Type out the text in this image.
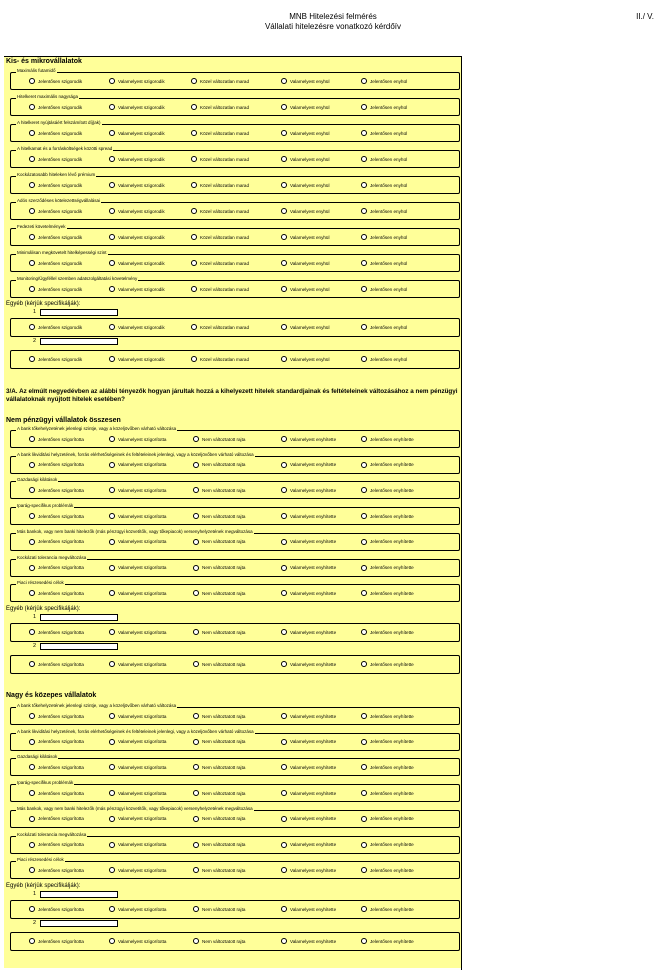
MNB Hitelezési felmérés
Vállalati hitelezésre vonatkozó kérdőív
II./ V.
Kis- és mikrovállalatok
Maximális futamidő
Jelentősen szigorodik	Valamelyest szigorodik	Közel változatlan marad	Valamelyest enyhül	Jelentősen enyhül
Hitelkeret maximális nagysága
Jelentősen szigorodik	Valamelyest szigorodik	Közel változatlan marad	Valamelyest enyhül	Jelentősen enyhül
A hitelkeret nyújtásáért felszámított díj(ak)
Jelentősen szigorodik	Valamelyest szigorodik	Közel változatlan marad	Valamelyest enyhül	Jelentősen enyhül
A hitelkamat és a forrásköltségek közötti spread
Jelentősen szigorodik	Valamelyest szigorodik	Közel változatlan marad	Valamelyest enyhül	Jelentősen enyhül
Kockázatosabb hiteleken lévő prémium
Jelentősen szigorodik	Valamelyest szigorodik	Közel változatlan marad	Valamelyest enyhül	Jelentősen enyhül
Adós szerződéses kötelezettségvállalásai
Jelentősen szigorodik	Valamelyest szigorodik	Közel változatlan marad	Valamelyest enyhül	Jelentősen enyhül
Fedezeti követelmények
Jelentősen szigorodik	Valamelyest szigorodik	Közel változatlan marad	Valamelyest enyhül	Jelentősen enyhül
Minimálisan megkövetelt hitelképességi szint
Jelentősen szigorodik	Valamelyest szigorodik	Közel változatlan marad	Valamelyest enyhül	Jelentősen enyhül
Monitoring/Ügyféllel szemben adatszolgáltatási követelmény
Jelentősen szigorodik	Valamelyest szigorodik	Közel változatlan marad	Valamelyest enyhül	Jelentősen enyhül
Egyéb (kérjük specifikálják):
1
Jelentősen szigorodik	Valamelyest szigorodik	Közel változatlan marad	Valamelyest enyhül	Jelentősen enyhül
2
Jelentősen szigorodik	Valamelyest szigorodik	Közel változatlan marad	Valamelyest enyhül	Jelentősen enyhül
3/A. Az elmúlt negyedévben az alábbi tényezők hogyan járultak hozzá a kihelyezett hitelek standardjainak és feltételeinek változásához a nem pénzügyi vállalatoknak nyújtott hitelek esetében?
Nem pénzügyi vállalatok összesen
A bank tőkehelyzetének jelenlegi szintje, vagy a közeljövőben várható változása
Jelentősen szigorította	Valamelyest szigorította	Nem változtatott rajta	Valamelyest enyhítette	Jelentősen enyhítette
A bank likviditási helyzetének, forrás elérhetőségeinek és feltételeinek jelenlegi, vagy a közeljövőben várható változása
Jelentősen szigorította	Valamelyest szigorította	Nem változtatott rajta	Valamelyest enyhítette	Jelentősen enyhítette
Gazdasági kilátások
Jelentősen szigorította	Valamelyest szigorította	Nem változtatott rajta	Valamelyest enyhítette	Jelentősen enyhítette
Iparág-specifikus problémák
Jelentősen szigorította	Valamelyest szigorította	Nem változtatott rajta	Valamelyest enyhítette	Jelentősen enyhítette
Más bankok, vagy nem banki hitelezők (más pénzügyi közvetítők, vagy tőkepiacok) versenyhelyzetének megváltozása
Jelentősen szigorította	Valamelyest szigorította	Nem változtatott rajta	Valamelyest enyhítette	Jelentősen enyhítette
Kockázati tolerancia megváltozása
Jelentősen szigorította	Valamelyest szigorította	Nem változtatott rajta	Valamelyest enyhítette	Jelentősen enyhítette
Piaci részesedési célok
Jelentősen szigorította	Valamelyest szigorította	Nem változtatott rajta	Valamelyest enyhítette	Jelentősen enyhítette
Egyéb (kérjük specifikálják):
1
Jelentősen szigorította	Valamelyest szigorította	Nem változtatott rajta	Valamelyest enyhítette	Jelentősen enyhítette
2
Jelentősen szigorította	Valamelyest szigorította	Nem változtatott rajta	Valamelyest enyhítette	Jelentősen enyhítette
Nagy és közepes vállalatok
A bank tőkehelyzetének jelenlegi szintje, vagy a közeljövőben várható változása
Jelentősen szigorította	Valamelyest szigorította	Nem változtatott rajta	Valamelyest enyhítette	Jelentősen enyhítette
A bank likviditási helyzetének, forrás elérhetőségeinek és feltételeinek jelenlegi, vagy a közeljövőben várható változása
Jelentősen szigorította	Valamelyest szigorította	Nem változtatott rajta	Valamelyest enyhítette	Jelentősen enyhítette
Gazdasági kilátások
Jelentősen szigorította	Valamelyest szigorította	Nem változtatott rajta	Valamelyest enyhítette	Jelentősen enyhítette
Iparág-specifikus problémák
Jelentősen szigorította	Valamelyest szigorította	Nem változtatott rajta	Valamelyest enyhítette	Jelentősen enyhítette
Más bankok, vagy nem banki hitelezők (más pénzügyi közvetítők, vagy tőkepiacok) versenyhelyzetének megváltozása
Jelentősen szigorította	Valamelyest szigorította	Nem változtatott rajta	Valamelyest enyhítette	Jelentősen enyhítette
Kockázati tolerancia megváltozása
Jelentősen szigorította	Valamelyest szigorította	Nem változtatott rajta	Valamelyest enyhítette	Jelentősen enyhítette
Piaci részesedési célok
Jelentősen szigorította	Valamelyest szigorította	Nem változtatott rajta	Valamelyest enyhítette	Jelentősen enyhítette
Egyéb (kérjük specifikálják):
1
Jelentősen szigorította	Valamelyest szigorította	Nem változtatott rajta	Valamelyest enyhítette	Jelentősen enyhítette
2
Jelentősen szigorította	Valamelyest szigorította	Nem változtatott rajta	Valamelyest enyhítette	Jelentősen enyhítette
